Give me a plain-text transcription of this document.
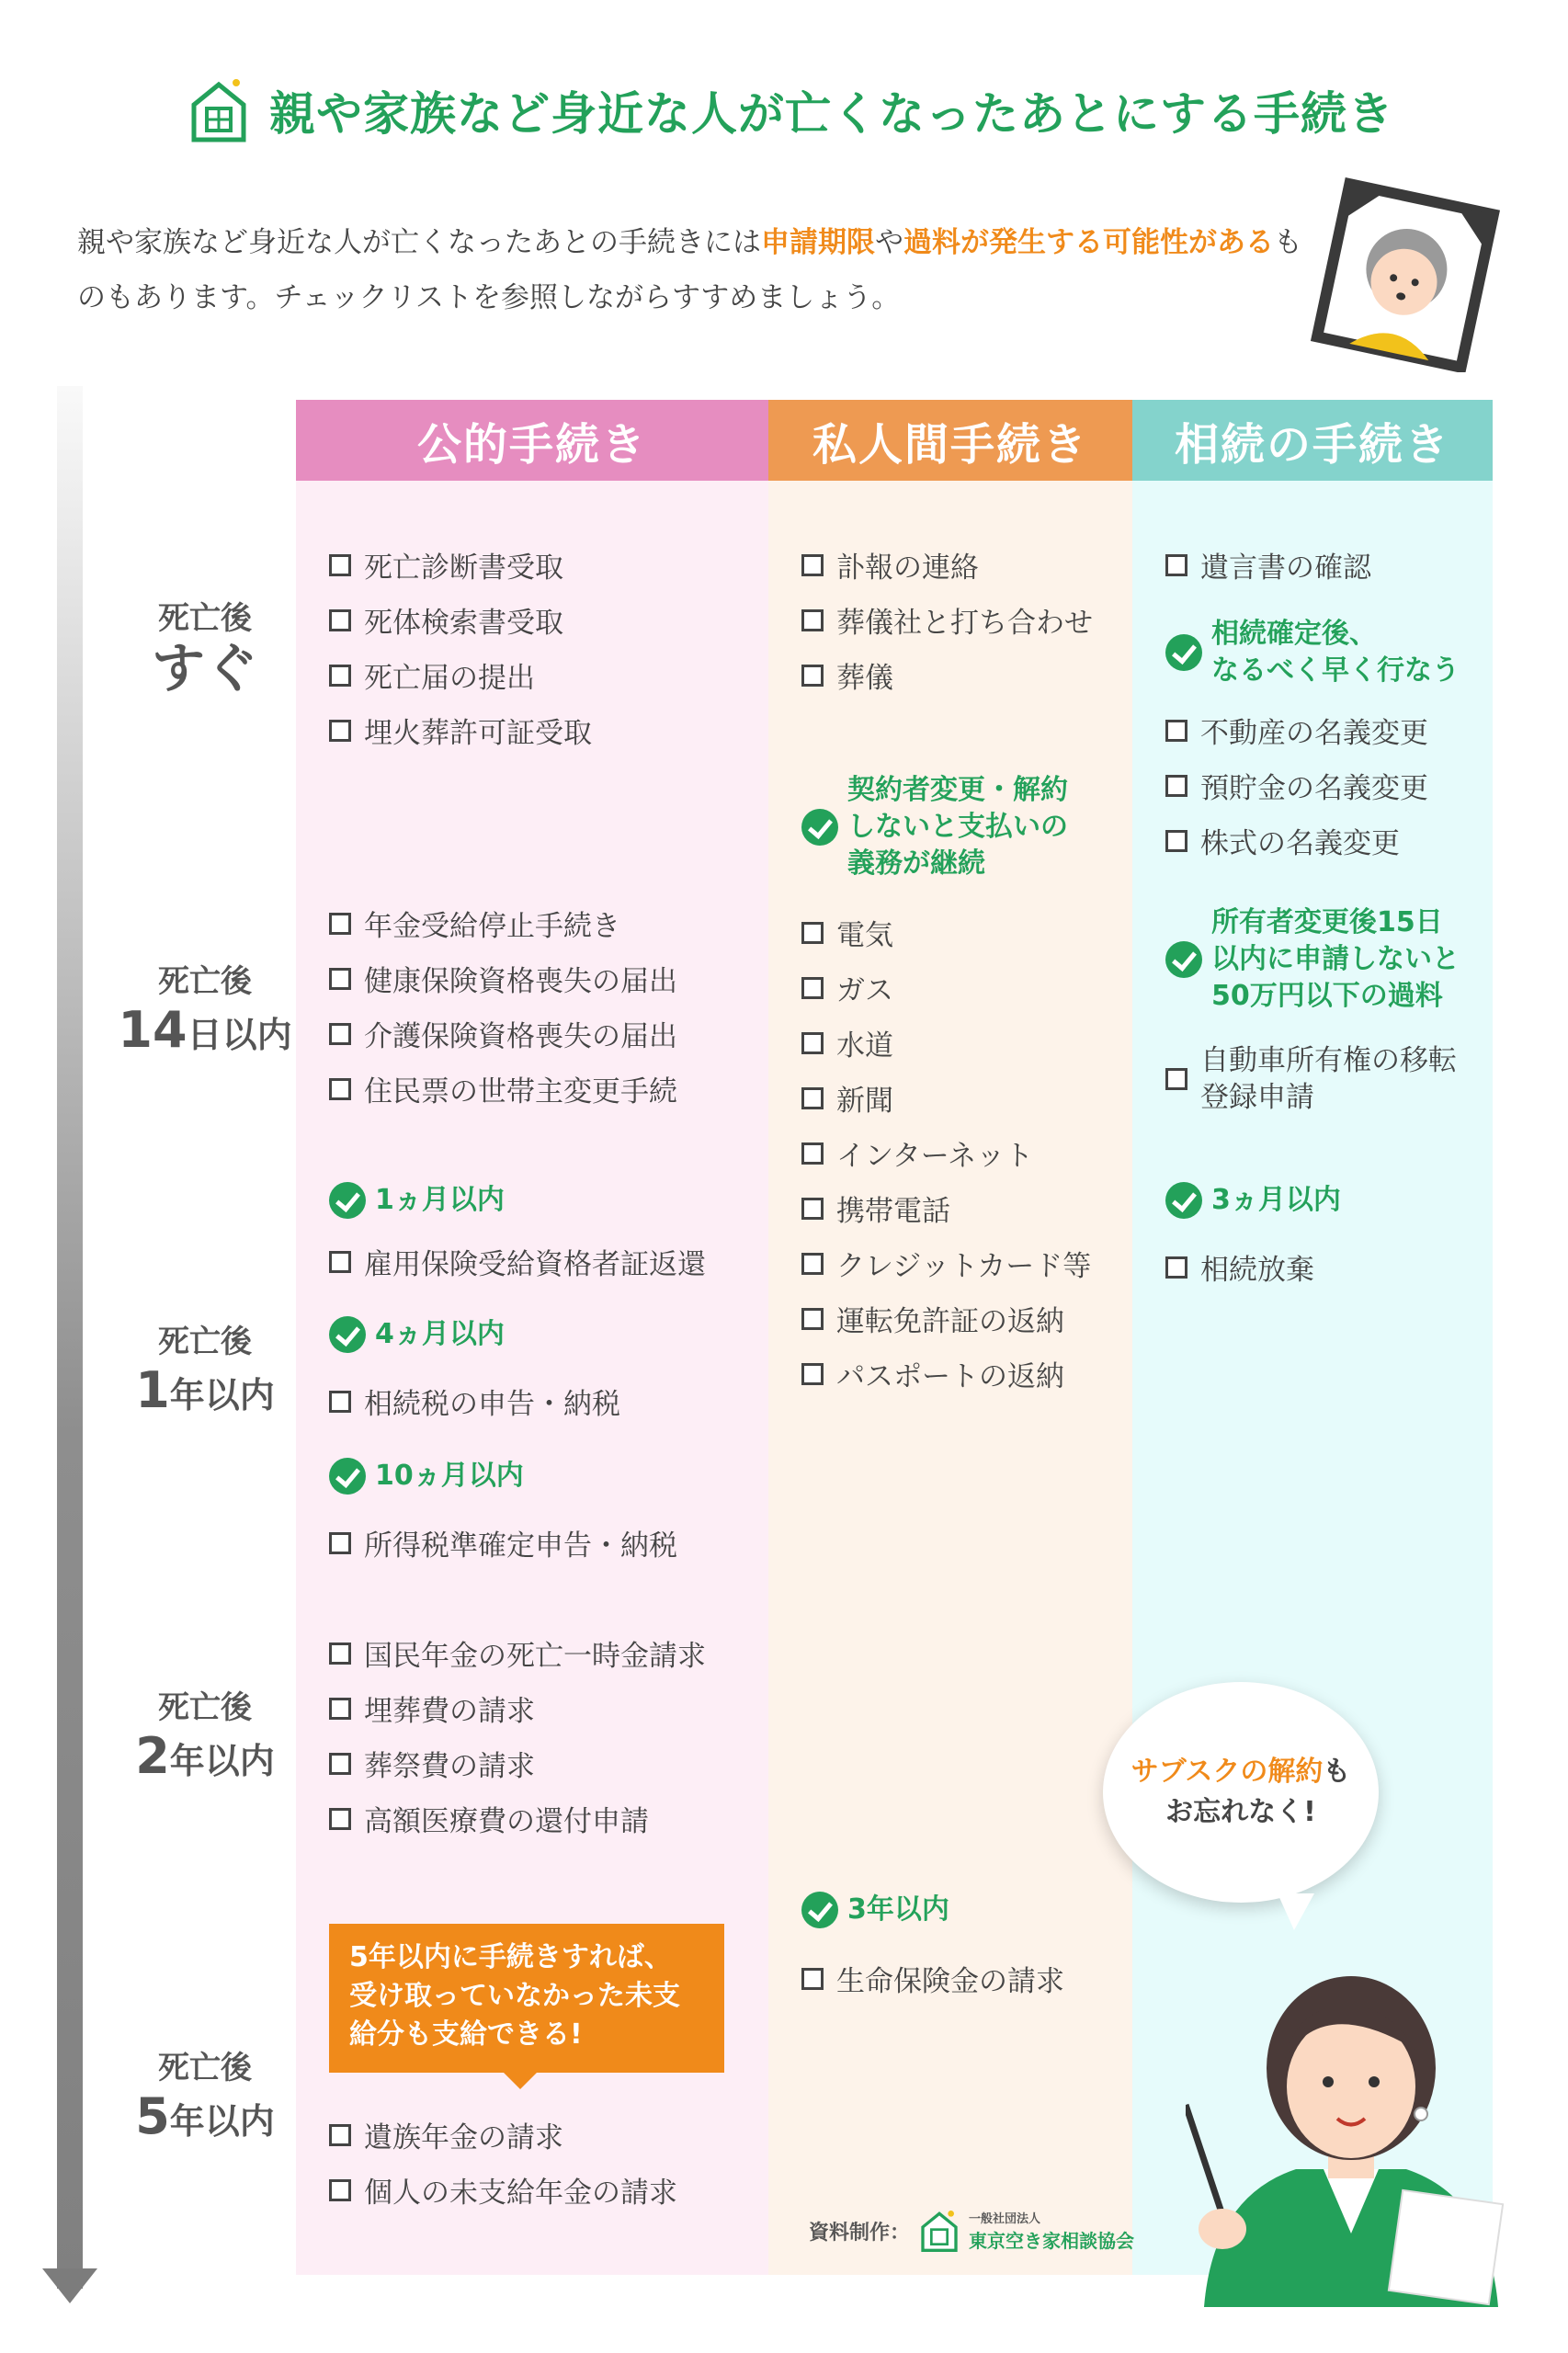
親や家族など身近な人が亡くなったあとにする手続き
親や家族など身近な人が亡くなったあとの手続きには申請期限や過料が発生する可能性があるものもあります。チェックリストを参照しながらすすめましょう。
公的手続き	私人間手続き	相続の手続き
死亡後
すぐ
死亡後
14日以内
死亡後
1年以内
死亡後
2年以内
死亡後
5年以内
死亡診断書受取
死体検索書受取
死亡届の提出
埋火葬許可証受取
年金受給停止手続き
健康保険資格喪失の届出
介護保険資格喪失の届出
住民票の世帯主変更手続
1ヵ月以内
雇用保険受給資格者証返還
4ヵ月以内
相続税の申告・納税
10ヵ月以内
所得税準確定申告・納税
国民年金の死亡一時金請求
埋葬費の請求
葬祭費の請求
高額医療費の還付申請
5年以内に手続きすれば、
受け取っていなかった未支
給分も支給できる!
遺族年金の請求
個人の未支給年金の請求
訃報の連絡
葬儀社と打ち合わせ
葬儀
契約者変更・解約
しないと支払いの
義務が継続
電気
ガス
水道
新聞
インターネット
携帯電話
クレジットカード等
運転免許証の返納
パスポートの返納
3年以内
生命保険金の請求
遺言書の確認
相続確定後、
なるべく早く行なう
不動産の名義変更
預貯金の名義変更
株式の名義変更
所有者変更後15日
以内に申請しないと
50万円以下の過料
自動車所有権の移転
登録申請
3ヵ月以内
相続放棄
サブスクの解約も
お忘れなく!
資料制作：
一般社団法人
東京空き家相談協会
